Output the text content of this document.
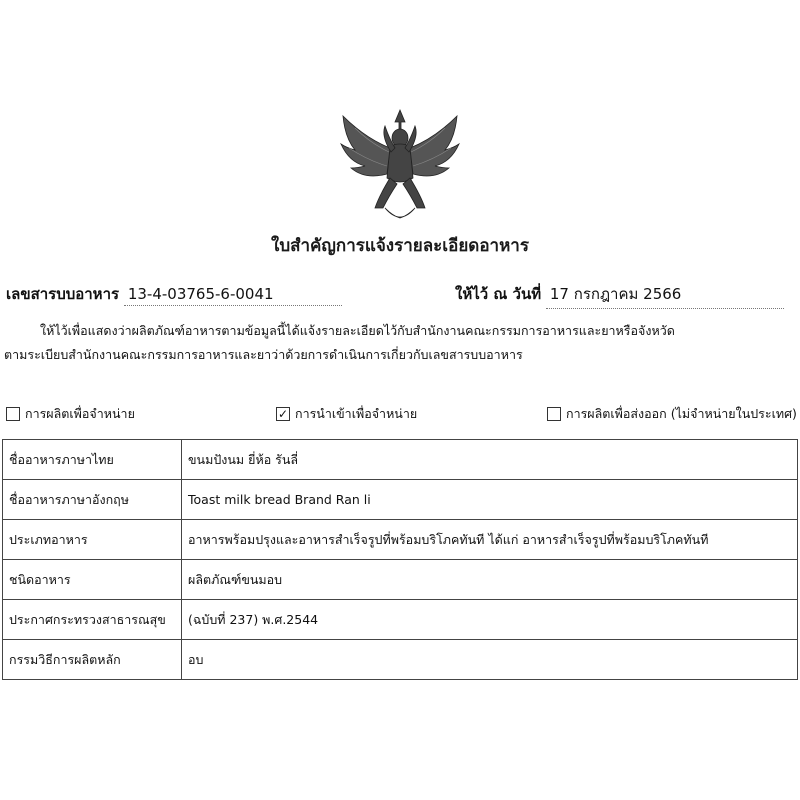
ใบสำคัญการแจ้งรายละเอียดอาหาร
เลขสารบบอาหาร 13-4-03765-6-0041	ให้ไว้ ณ วันที่ 17 กรกฎาคม 2566
ให้ไว้เพื่อแสดงว่าผลิตภัณฑ์อาหารตามข้อมูลนี้ได้แจ้งรายละเอียดไว้กับสำนักงานคณะกรรมการอาหารและยาหรือจังหวัด
ตามระเบียบสำนักงานคณะกรรมการอาหารและยาว่าด้วยการดำเนินการเกี่ยวกับเลขสารบบอาหาร
การผลิตเพื่อจำหน่าย	✓ การนำเข้าเพื่อจำหน่าย	การผลิตเพื่อส่งออก (ไม่จำหน่ายในประเทศ)
ชื่ออาหารภาษาไทย	ขนมปังนม ยี่ห้อ รันลี่
ชื่ออาหารภาษาอังกฤษ	Toast milk bread Brand Ran li
ประเภทอาหาร	อาหารพร้อมปรุงและอาหารสำเร็จรูปที่พร้อมบริโภคทันที ได้แก่ อาหารสำเร็จรูปที่พร้อมบริโภคทันที
ชนิดอาหาร	ผลิตภัณฑ์ขนมอบ
ประกาศกระทรวงสาธารณสุข	(ฉบับที่ 237) พ.ศ.2544
กรรมวิธีการผลิตหลัก	อบ
